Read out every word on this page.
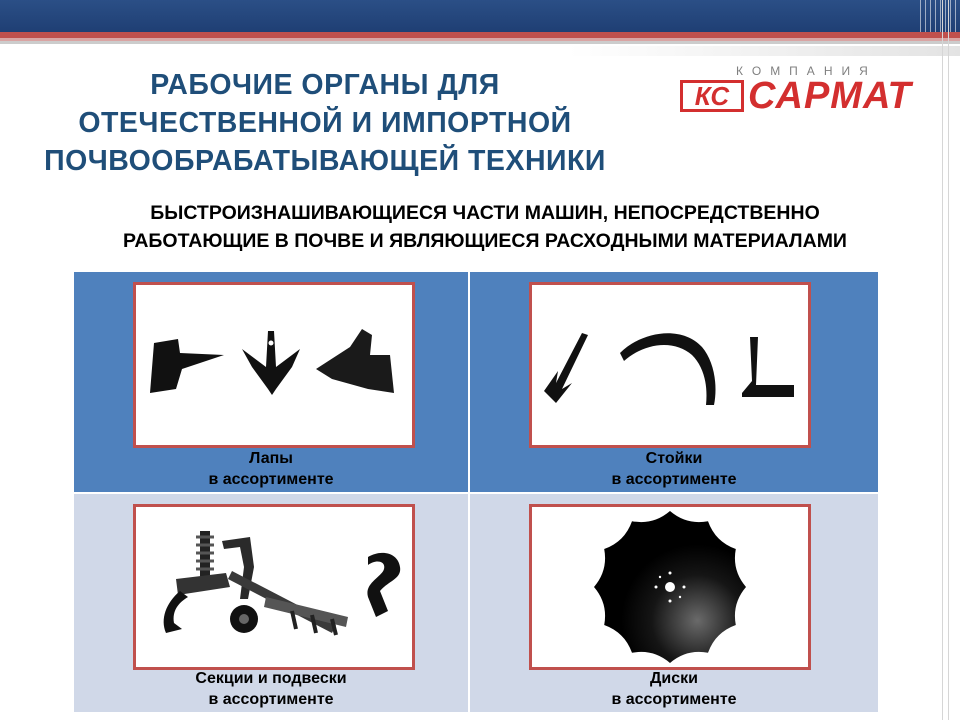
РАБОЧИЕ ОРГАНЫ ДЛЯ
ОТЕЧЕСТВЕННОЙ И ИМПОРТНОЙ
ПОЧВООБРАБАТЫВАЮЩЕЙ ТЕХНИКИ
КОМПАНИЯ
КС САРМАТ

БЫСТРОИЗНАШИВАЮЩИЕСЯ ЧАСТИ МАШИН, НЕПОСРЕДСТВЕННО
РАБОТАЮЩИЕ В ПОЧВЕ И ЯВЛЯЮЩИЕСЯ РАСХОДНЫМИ МАТЕРИАЛАМИ

Лапы
в ассортименте
Стойки
в ассортименте
Секции и подвески
в ассортименте
Диски
в ассортименте
